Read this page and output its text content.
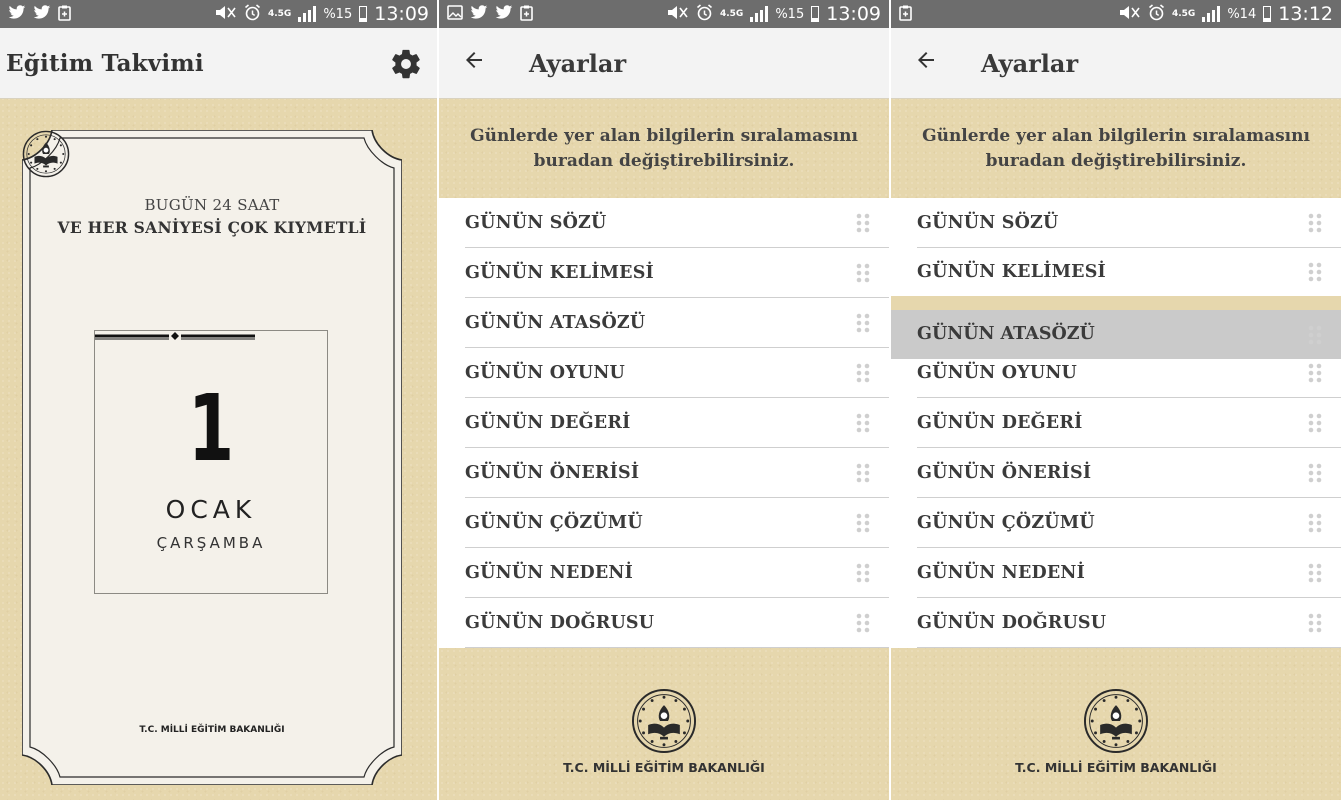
4.5G %15 13:09
Eğitim Takvimi
BUGÜN 24 SAAT
VE HER SANİYESİ ÇOK KIYMETLİ
1
OCAK
ÇARŞAMBA
T.C. MİLLİ EĞİTİM BAKANLIĞI
4.5G %15 13:09
Ayarlar
Günlerde yer alan bilgilerin sıralamasını
buradan değiştirebilirsiniz.
GÜNÜN SÖZÜ
GÜNÜN KELİMESİ
GÜNÜN ATASÖZÜ
GÜNÜN OYUNU
GÜNÜN DEĞERİ
GÜNÜN ÖNERİSİ
GÜNÜN ÇÖZÜMÜ
GÜNÜN NEDENİ
GÜNÜN DOĞRUSU
T.C. MİLLİ EĞİTİM BAKANLIĞI
4.5G %14 13:12
Ayarlar
Günlerde yer alan bilgilerin sıralamasını
buradan değiştirebilirsiniz.
GÜNÜN SÖZÜ
GÜNÜN KELİMESİ
GÜNÜN OYUNU
GÜNÜN DEĞERİ
GÜNÜN ÖNERİSİ
GÜNÜN ÇÖZÜMÜ
GÜNÜN NEDENİ
GÜNÜN DOĞRUSU
GÜNÜN ATASÖZÜ
T.C. MİLLİ EĞİTİM BAKANLIĞI
